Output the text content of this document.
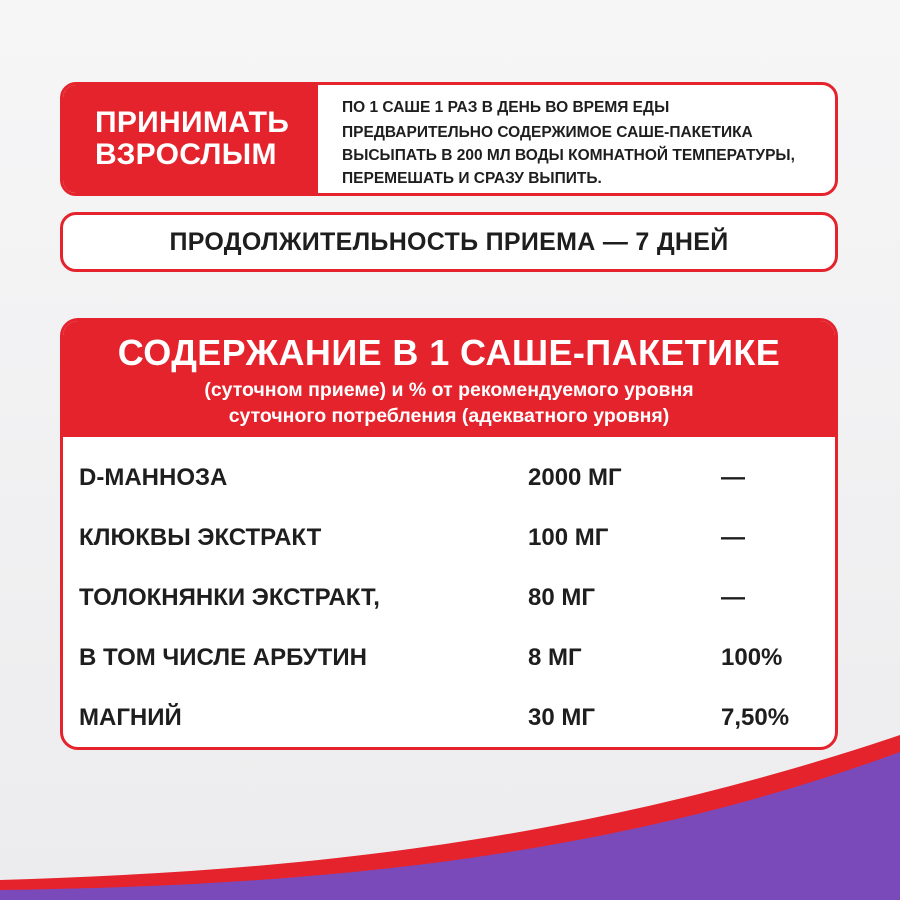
ПРИНИМАТЬ
ВЗРОСЛЫМ
ПО 1 САШЕ 1 РАЗ В ДЕНЬ ВО ВРЕМЯ ЕДЫ
ПРЕДВАРИТЕЛЬНО СОДЕРЖИМОЕ САШЕ-ПАКЕТИКА
ВЫСЫПАТЬ В 200 МЛ ВОДЫ КОМНАТНОЙ ТЕМПЕРАТУРЫ,
ПЕРЕМЕШАТЬ И СРАЗУ ВЫПИТЬ.
ПРОДОЛЖИТЕЛЬНОСТЬ ПРИЕМА — 7 ДНЕЙ
СОДЕРЖАНИЕ В 1 САШЕ-ПАКЕТИКЕ
(суточном приеме) и % от рекомендуемого уровня
суточного потребления (адекватного уровня)
D-МАННОЗА	2000 МГ	—
КЛЮКВЫ ЭКСТРАКТ	100 МГ	—
ТОЛОКНЯНКИ ЭКСТРАКТ,	80 МГ	—
В ТОМ ЧИСЛЕ АРБУТИН	8 МГ	100%
МАГНИЙ	30 МГ	7,50%
